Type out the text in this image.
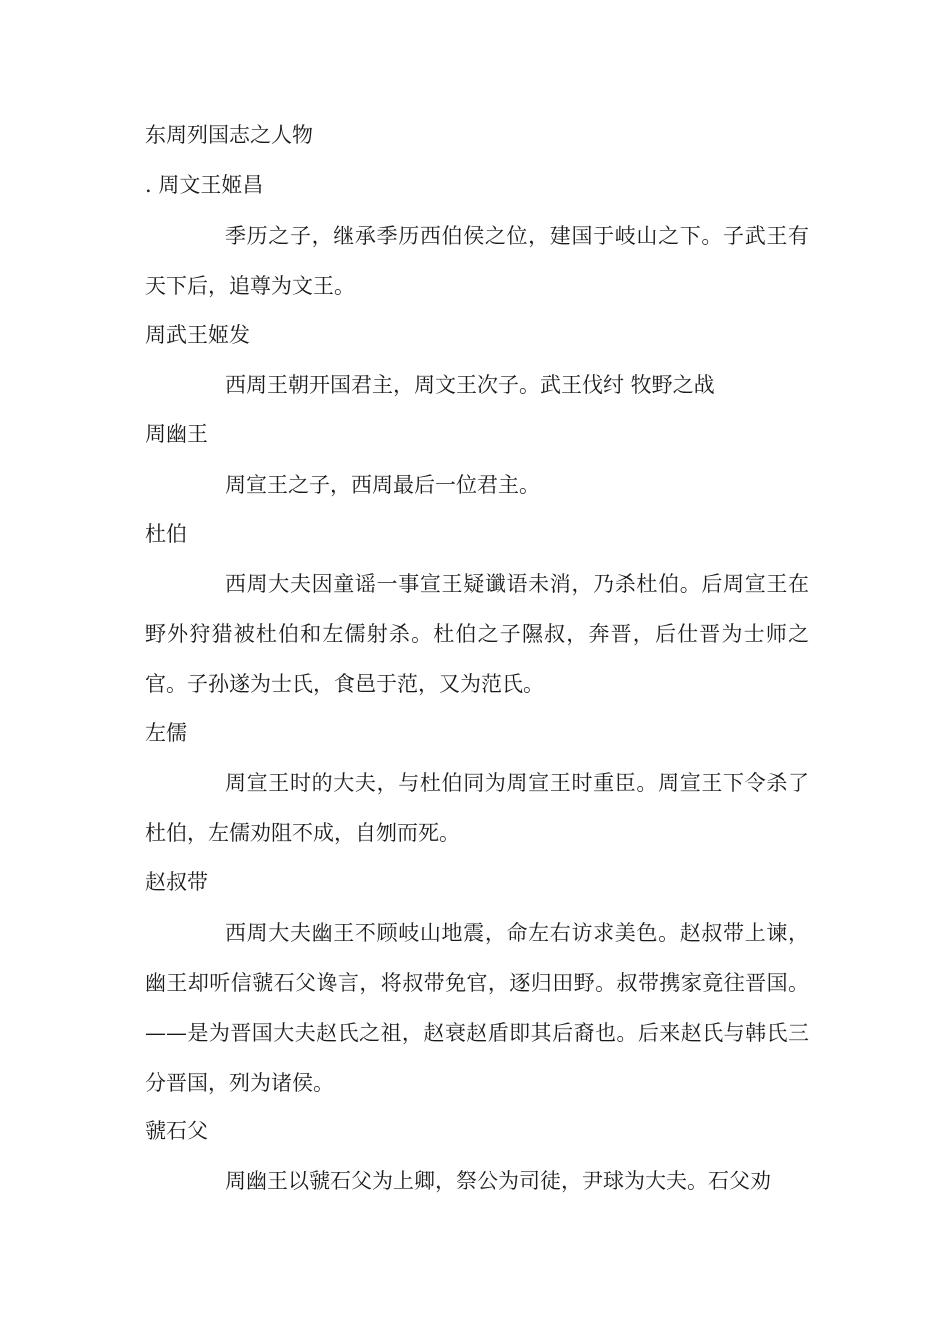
东周列国志之人物
. 周文王姬昌

季历之子，继承季历西伯侯之位，建国于岐山之下。子武王有天下后，追尊为文王。

周武王姬发

西周王朝开国君主，周文王次子。武王伐纣 牧野之战

周幽王

周宣王之子，西周最后一位君主。

杜伯

西周大夫因童谣一事宣王疑谶语未消，乃杀杜伯。后周宣王在野外狩猎被杜伯和左儒射杀。杜伯之子隰叔，奔晋，后仕晋为士师之官。子孙遂为士氏，食邑于范，又为范氏。

左儒

周宣王时的大夫，与杜伯同为周宣王时重臣。周宣王下令杀了杜伯，左儒劝阻不成，自刎而死。

赵叔带

西周大夫幽王不顾岐山地震，命左右访求美色。赵叔带上谏，幽王却听信虢石父谗言，将叔带免官，逐归田野。叔带携家竟往晋国。——是为晋国大夫赵氏之祖，赵衰赵盾即其后裔也。后来赵氏与韩氏三分晋国，列为诸侯。

虢石父

周幽王以虢石父为上卿，祭公为司徒，尹球为大夫。石父劝
